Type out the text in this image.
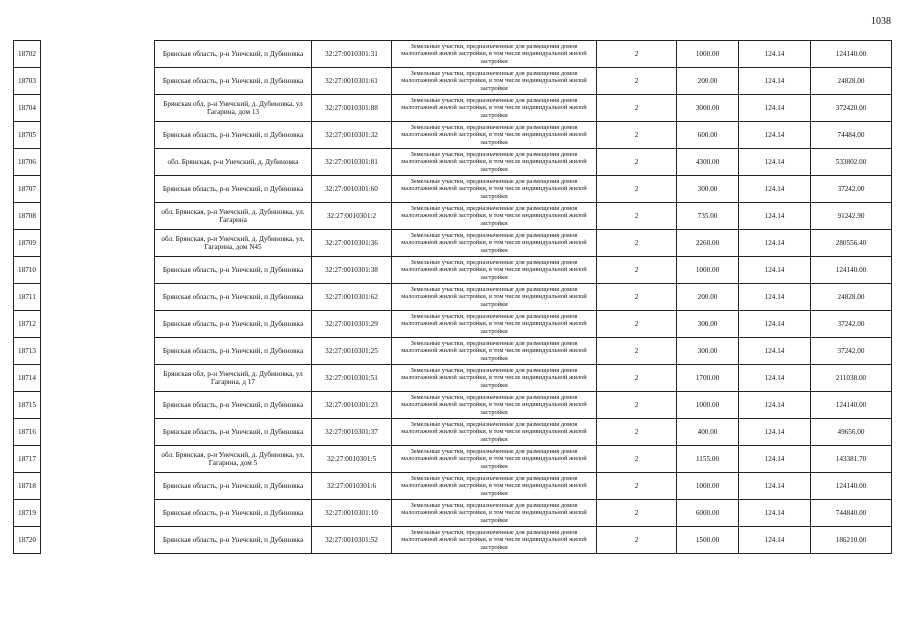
1038
18702		Брянская область, р-н Унечский, п Дубиновка	32:27:0010301:31	Земельные участки, предназначенные для размещения домов малоэтажной жилой застройки, в том числе индивидуальной жилой застройки	2	1000.00	124.14	124140.00
18703		Брянская область, р-н Унечский, п Дубиновка	32:27:0010301:61	Земельные участки, предназначенные для размещения домов малоэтажной жилой застройки, в том числе индивидуальной жилой застройки	2	200.00	124.14	24828.00
18704		Брянская обл, р-н Унечский, д. Дубиновка, ул Гагарина, дом 13	32:27:0010301:88	Земельные участки, предназначенные для размещения домов малоэтажной жилой застройки, в том числе индивидуальной жилой застройки	2	3000.00	124.14	372420.00
18705		Брянская область, р-н Унечский, п Дубиновка	32:27:0010301:32	Земельные участки, предназначенные для размещения домов малоэтажной жилой застройки, в том числе индивидуальной жилой застройки	2	600.00	124.14	74484.00
18706		обл. Брянская, р-н Унечский, д. Дубиновка	32:27:0010301:81	Земельные участки, предназначенные для размещения домов малоэтажной жилой застройки, в том числе индивидуальной жилой застройки	2	4300.00	124.14	533802.00
18707		Брянская область, р-н Унечский, п Дубиновка	32:27:0010301:60	Земельные участки, предназначенные для размещения домов малоэтажной жилой застройки, в том числе индивидуальной жилой застройки	2	300.00	124.14	37242.00
18708		обл. Брянская, р-н Унечский, д. Дубиновка, ул. Гагарина	32:27:0010301:2	Земельные участки, предназначенные для размещения домов малоэтажной жилой застройки, в том числе индивидуальной жилой застройки	2	735.00	124.14	91242.90
18709		обл. Брянская, р-н Унечский, д. Дубиновка, ул. Гагарина, дом N45	32:27:0010301:36	Земельные участки, предназначенные для размещения домов малоэтажной жилой застройки, в том числе индивидуальной жилой застройки	2	2260.00	124.14	280556.40
18710		Брянская область, р-н Унечский, п Дубиновка	32:27:0010301:38	Земельные участки, предназначенные для размещения домов малоэтажной жилой застройки, в том числе индивидуальной жилой застройки	2	1000.00	124.14	124140.00
18711		Брянская область, р-н Унечский, п Дубиновка	32:27:0010301:62	Земельные участки, предназначенные для размещения домов малоэтажной жилой застройки, в том числе индивидуальной жилой застройки	2	200.00	124.14	24828.00
18712		Брянская область, р-н Унечский, п Дубиновка	32:27:0010301:29	Земельные участки, предназначенные для размещения домов малоэтажной жилой застройки, в том числе индивидуальной жилой застройки	2	300.00	124.14	37242.00
18713		Брянская область, р-н Унечский, п Дубиновка	32:27:0010301:25	Земельные участки, предназначенные для размещения домов малоэтажной жилой застройки, в том числе индивидуальной жилой застройки	2	300.00	124.14	37242.00
18714		Брянская обл, р-н Унечский, д. Дубиновка, ул Гагарина, д 17	32:27:0010301:51	Земельные участки, предназначенные для размещения домов малоэтажной жилой застройки, в том числе индивидуальной жилой застройки	2	1700.00	124.14	211038.00
18715		Брянская область, р-н Унечский, п Дубиновка	32:27:0010301:23	Земельные участки, предназначенные для размещения домов малоэтажной жилой застройки, в том числе индивидуальной жилой застройки	2	1000.00	124.14	124140.00
18716		Брянская область, р-н Унечский, п Дубиновка	32:27:0010301:37	Земельные участки, предназначенные для размещения домов малоэтажной жилой застройки, в том числе индивидуальной жилой застройки	2	400.00	124.14	49656.00
18717		обл. Брянская, р-н Унечский, д. Дубиновка, ул. Гагарина, дом 5	32:27:0010301:5	Земельные участки, предназначенные для размещения домов малоэтажной жилой застройки, в том числе индивидуальной жилой застройки	2	1155.00	124.14	143381.70
18718		Брянская область, р-н Унечский, п Дубиновка	32:27:0010301:6	Земельные участки, предназначенные для размещения домов малоэтажной жилой застройки, в том числе индивидуальной жилой застройки	2	1000.00	124.14	124140.00
18719		Брянская область, р-н Унечский, п Дубиновка	32:27:0010301:10	Земельные участки, предназначенные для размещения домов малоэтажной жилой застройки, в том числе индивидуальной жилой застройки	2	6000.00	124.14	744840.00
18720		Брянская область, р-н Унечский, п Дубиновка	32:27:0010301:52	Земельные участки, предназначенные для размещения домов малоэтажной жилой застройки, в том числе индивидуальной жилой застройки	2	1500.00	124.14	186210.00
